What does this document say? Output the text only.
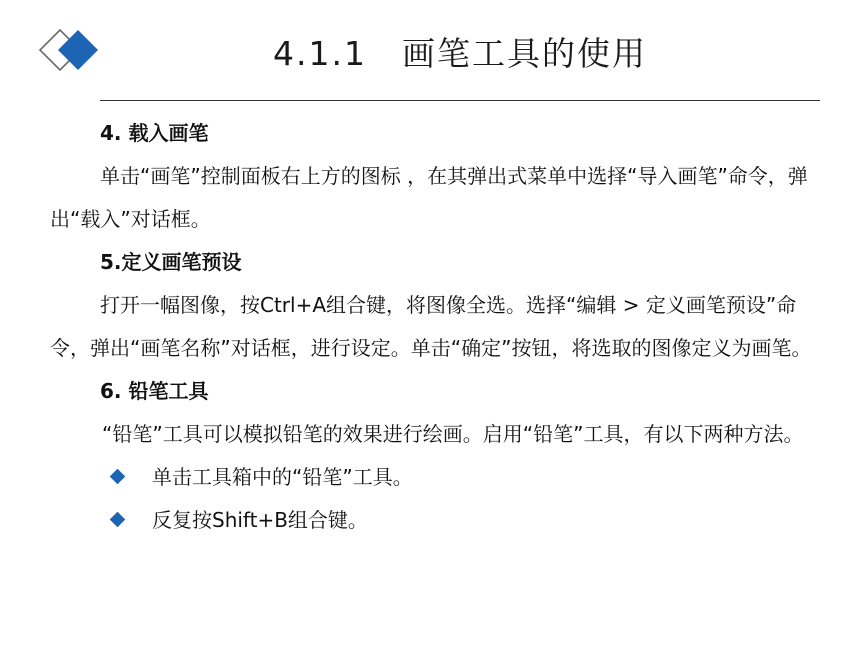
4.1.1　画笔工具的使用
4. 载入画笔
单击“画笔”控制面板右上方的图标 ，在其弹出式菜单中选择“导入画笔”命令，弹出“载入”对话框。
5.定义画笔预设
打开一幅图像，按Ctrl+A组合键，将图像全选。选择“编辑 > 定义画笔预设”命令，弹出“画笔名称”对话框，进行设定。单击“确定”按钮，将选取的图像定义为画笔。
6. 铅笔工具
“铅笔”工具可以模拟铅笔的效果进行绘画。启用“铅笔”工具，有以下两种方法。
单击工具箱中的“铅笔”工具。
反复按Shift+B组合键。
